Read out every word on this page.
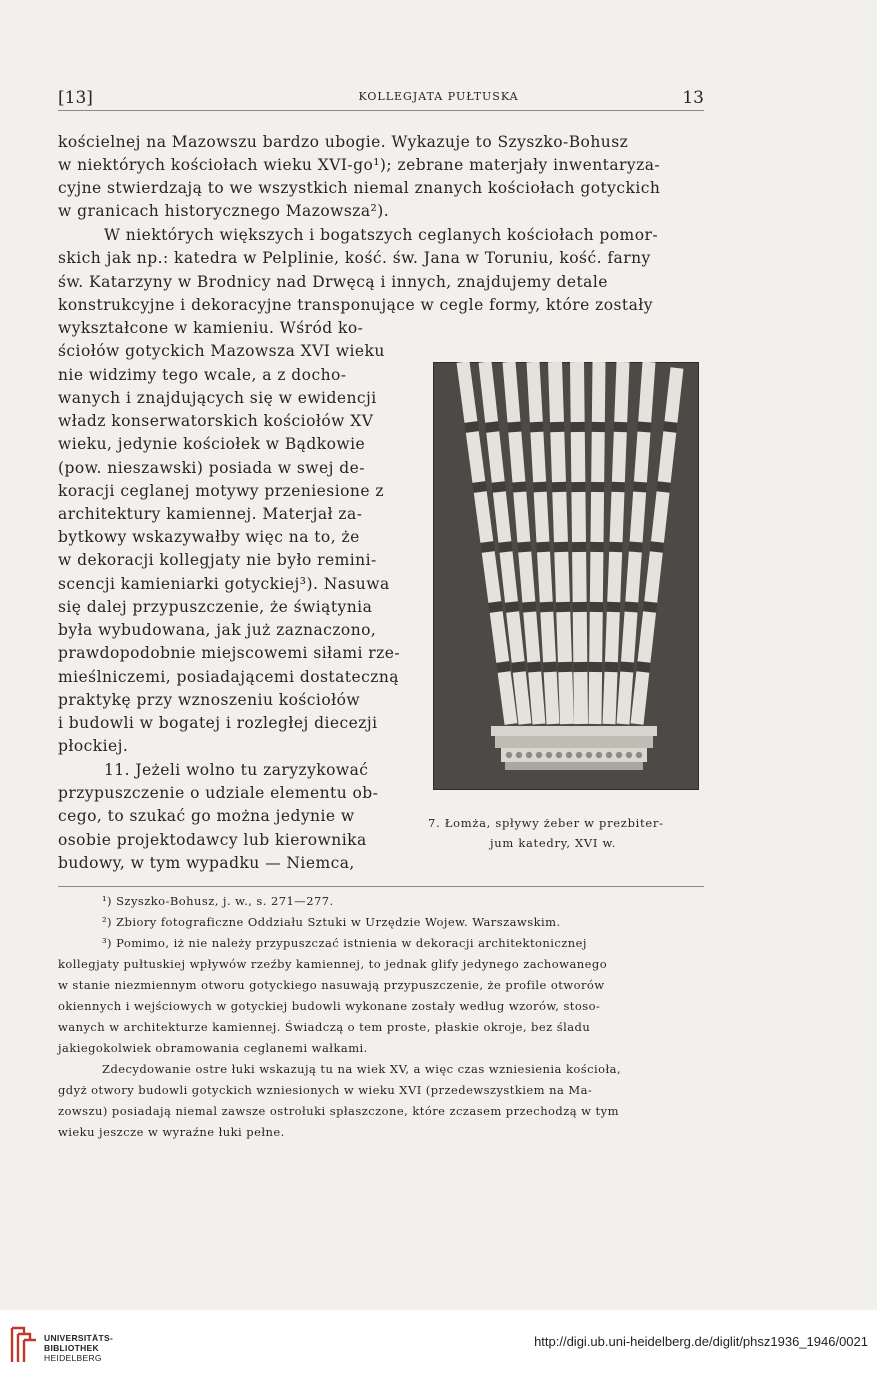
[13]	KOLLEGJATA PUŁTUSKA	13
kościelnej na Mazowszu bardzo ubogie. Wykazuje to Szyszko-Bohusz
w niektórych kościołach wieku XVI-go¹); zebrane materjały inwentaryza-
cyjne stwierdzają to we wszystkich niemal znanych kościołach gotyckich
w granicach historycznego Mazowsza²).
W niektórych większych i bogatszych ceglanych kościołach pomor-
skich jak np.: katedra w Pelplinie, kość. św. Jana w Toruniu, kość. farny
św. Katarzyny w Brodnicy nad Drwęcą i innych, znajdujemy detale
konstrukcyjne i dekoracyjne transponujące w cegle formy, które zostały
wykształcone w kamieniu. Wśród ko-
ściołów gotyckich Mazowsza XVI wieku
nie widzimy tego wcale, a z docho-
wanych i znajdujących się w ewidencji
władz konserwatorskich kościołów XV
wieku, jedynie kościołek w Bądkowie
(pow. nieszawski) posiada w swej de-
koracji ceglanej motywy przeniesione z
architektury kamiennej. Materjał za-
bytkowy wskazywałby więc na to, że
w dekoracji kollegjaty nie było remini-
scencji kamieniarki gotyckiej³). Nasuwa
się dalej przypuszczenie, że świątynia
była wybudowana, jak już zaznaczono,
prawdopodobnie miejscowemi siłami rze-
mieślniczemi, posiadającemi dostateczną
praktykę przy wznoszeniu kościołów
i budowli w bogatej i rozległej diecezji
płockiej.
11. Jeżeli wolno tu zaryzykować
przypuszczenie o udziale elementu ob-
cego, to szukać go można jedynie w
osobie projektodawcy lub kierownika
budowy, w tym wypadku — Niemca,
7. Łomża, spływy żeber w prezbiter-
jum katedry, XVI w.
¹) Szyszko-Bohusz, j. w., s. 271—277.
²) Zbiory fotograficzne Oddziału Sztuki w Urzędzie Wojew. Warszawskim.
³) Pomimo, iż nie należy przypuszczać istnienia w dekoracji architektonicznej
kollegjaty pułtuskiej wpływów rzeźby kamiennej, to jednak glify jedynego zachowanego
w stanie niezmiennym otworu gotyckiego nasuwają przypuszczenie, że profile otworów
okiennych i wejściowych w gotyckiej budowli wykonane zostały według wzorów, stoso-
wanych w architekturze kamiennej. Świadczą o tem proste, płaskie okroje, bez śladu
jakiegokolwiek obramowania ceglanemi wałkami.
Zdecydowanie ostre łuki wskazują tu na wiek XV, a więc czas wzniesienia kościoła,
gdyż otwory budowli gotyckich wzniesionych w wieku XVI (przedewszystkiem na Ma-
zowszu) posiadają niemal zawsze ostrołuki spłaszczone, które zczasem przechodzą w tym
wieku jeszcze w wyraźne łuki pełne.
UNIVERSITÄTS-
BIBLIOTHEK
HEIDELBERG
http://digi.ub.uni-heidelberg.de/diglit/phsz1936_1946/0021
